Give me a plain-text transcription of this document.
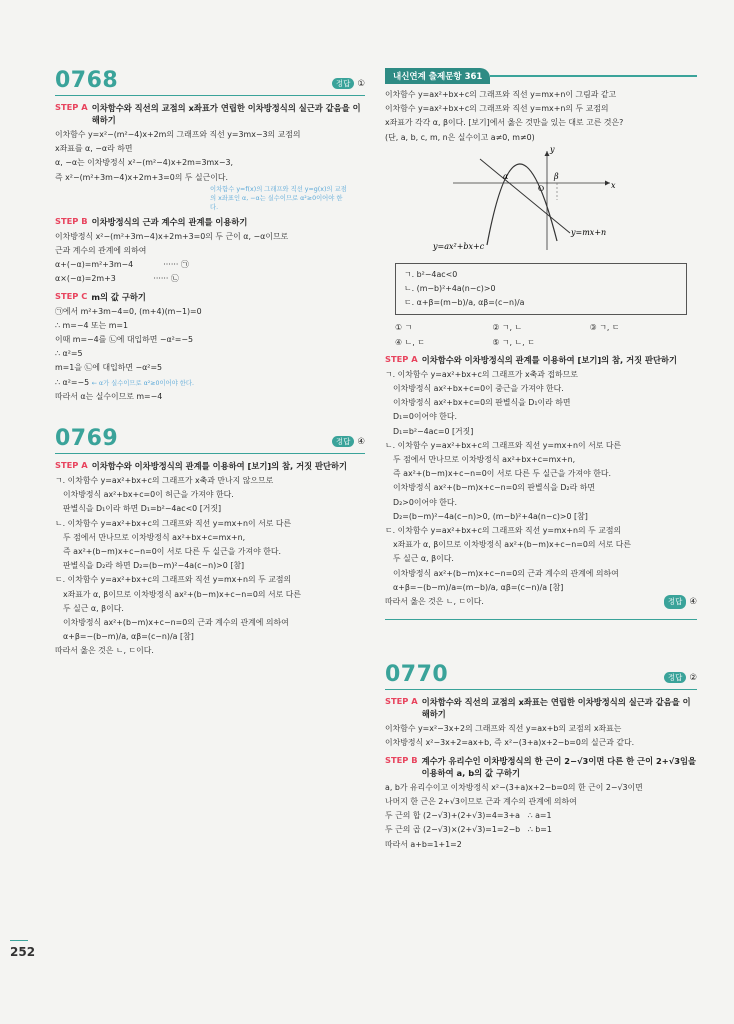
252
0768	정답 ①
STEP A 이차함수와 직선의 교점의 x좌표가 연립한 이차방정식의 실근과 같음을 이해하기
이차함수 y=x²−(m²−4)x+2m의 그래프와 직선 y=3mx−3의 교점의
x좌표를 α, −α라 하면
α, −α는 이차방정식 x²−(m²−4)x+2m=3mx−3,
즉 x²−(m²+3m−4)x+2m+3=0의 두 실근이다.
이차함수 y=f(x)의 그래프와 직선 y=g(x)의 교점의 x좌표인 α, −α는 실수이므로 α²≥0이어야 한다.
STEP B 이차방정식의 근과 계수의 관계를 이용하기
이차방정식 x²−(m²+3m−4)x+2m+3=0의 두 근이 α, −α이므로
근과 계수의 관계에 의하여
α+(−α)=m²+3m−4            ······ ㉠
α×(−α)=2m+3               ······ ㉡
STEP C m의 값 구하기
㉠에서 m²+3m−4=0, (m+4)(m−1)=0
∴ m=−4 또는 m=1
이때 m=−4를 ㉡에 대입하면 −α²=−5
∴ α²=5
m=1을 ㉡에 대입하면 −α²=5
∴ α²=−5 ← α가 실수이므로 α²≥0이어야 한다.
따라서 α는 실수이므로 m=−4
0769	정답 ④
STEP A 이차함수와 이차방정식의 관계를 이용하여 [보기]의 참, 거짓 판단하기
ㄱ. 이차함수 y=ax²+bx+c의 그래프가 x축과 만나지 않으므로
이차방정식 ax²+bx+c=0이 허근을 가져야 한다.
판별식을 D₁이라 하면 D₁=b²−4ac<0 [거짓]
ㄴ. 이차함수 y=ax²+bx+c의 그래프와 직선 y=mx+n이 서로 다른
두 점에서 만나므로 이차방정식 ax²+bx+c=mx+n,
즉 ax²+(b−m)x+c−n=0이 서로 다른 두 실근을 가져야 한다.
판별식을 D₂라 하면 D₂=(b−m)²−4a(c−n)>0 [참]
ㄷ. 이차함수 y=ax²+bx+c의 그래프와 직선 y=mx+n의 두 교점의
x좌표가 α, β이므로 이차방정식 ax²+(b−m)x+c−n=0의 서로 다른
두 실근 α, β이다.
이차방정식 ax²+(b−m)x+c−n=0의 근과 계수의 관계에 의하여
α+β=−(b−m)/a, αβ=(c−n)/a [참]
따라서 옳은 것은 ㄴ, ㄷ이다.
내신연계 출제문항 361
이차함수 y=ax²+bx+c의 그래프와 직선 y=mx+n이 그림과 같고
이차함수 y=ax²+bx+c의 그래프와 직선 y=mx+n의 두 교점의
x좌표가 각각 α, β이다. [보기]에서 옳은 것만을 있는 대로 고른 것은?
(단, a, b, c, m, n은 실수이고 a≠0, m≠0)
y
x
O
α	β
y=ax²+bx+c
y=mx+n
ㄱ. b²−4ac<0
ㄴ. (m−b)²+4a(n−c)>0
ㄷ. α+β=(m−b)/a, αβ=(c−n)/a
① ㄱ	② ㄱ, ㄴ	③ ㄱ, ㄷ
④ ㄴ, ㄷ	⑤ ㄱ, ㄴ, ㄷ
STEP A 이차함수와 이차방정식의 관계를 이용하여 [보기]의 참, 거짓 판단하기
ㄱ. 이차함수 y=ax²+bx+c의 그래프가 x축과 접하므로
이차방정식 ax²+bx+c=0이 중근을 가져야 한다.
이차방정식 ax²+bx+c=0의 판별식을 D₁이라 하면
D₁=0이어야 한다.
D₁=b²−4ac=0 [거짓]
ㄴ. 이차함수 y=ax²+bx+c의 그래프와 직선 y=mx+n이 서로 다른
두 점에서 만나므로 이차방정식 ax²+bx+c=mx+n,
즉 ax²+(b−m)x+c−n=0이 서로 다른 두 실근을 가져야 한다.
이차방정식 ax²+(b−m)x+c−n=0의 판별식을 D₂라 하면
D₂>0이어야 한다.
D₂=(b−m)²−4a(c−n)>0, (m−b)²+4a(n−c)>0 [참]
ㄷ. 이차함수 y=ax²+bx+c의 그래프와 직선 y=mx+n의 두 교점의
x좌표가 α, β이므로 이차방정식 ax²+(b−m)x+c−n=0의 서로 다른
두 실근 α, β이다.
이차방정식 ax²+(b−m)x+c−n=0의 근과 계수의 관계에 의하여
α+β=−(b−m)/a=(m−b)/a, αβ=(c−n)/a [참]
따라서 옳은 것은 ㄴ, ㄷ이다.	정답 ④
0770	정답 ②
STEP A 이차함수와 직선의 교점의 x좌표는 연립한 이차방정식의 실근과 같음을 이해하기
이차함수 y=x²−3x+2의 그래프와 직선 y=ax+b의 교점의 x좌표는
이차방정식 x²−3x+2=ax+b, 즉 x²−(3+a)x+2−b=0의 실근과 같다.
STEP B 계수가 유리수인 이차방정식의 한 근이 2−√3이면 다른 한 근이 2+√3임을 이용하여 a, b의 값 구하기
a, b가 유리수이고 이차방정식 x²−(3+a)x+2−b=0의 한 근이 2−√3이면
나머지 한 근은 2+√3이므로 근과 계수의 관계에 의하여
두 근의 합 (2−√3)+(2+√3)=4=3+a   ∴ a=1
두 근의 곱 (2−√3)×(2+√3)=1=2−b   ∴ b=1
따라서 a+b=1+1=2
